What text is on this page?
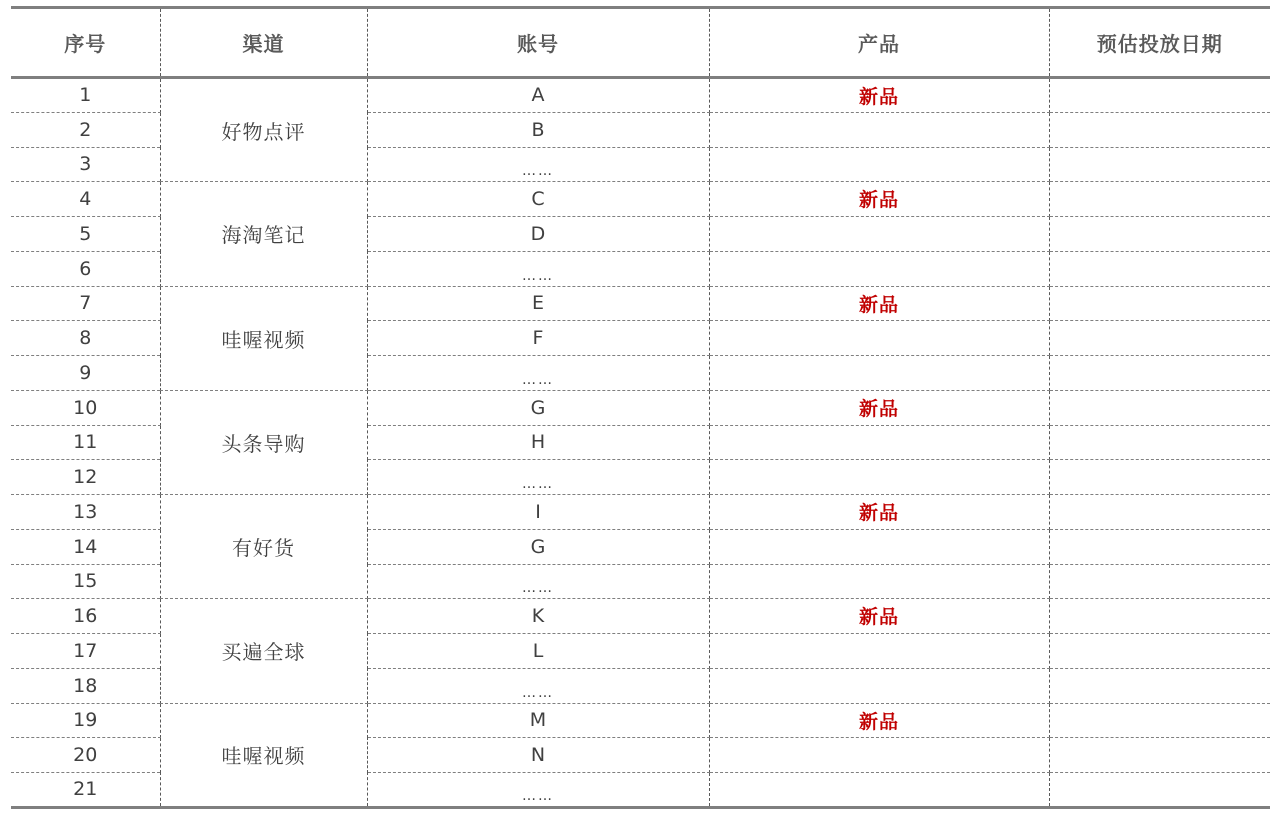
序号	渠道	账号	产品	预估投放日期
1	好物点评	A	新品	
2		B		
3		……		
4	海淘笔记	C	新品	
5		D		
6		……		
7	哇喔视频	E	新品	
8		F		
9		……		
10	头条导购	G	新品	
11		H		
12		……		
13	有好货	I	新品	
14		G		
15		……		
16	买遍全球	K	新品	
17		L		
18		……		
19	哇喔视频	M	新品	
20		N		
21		……		
